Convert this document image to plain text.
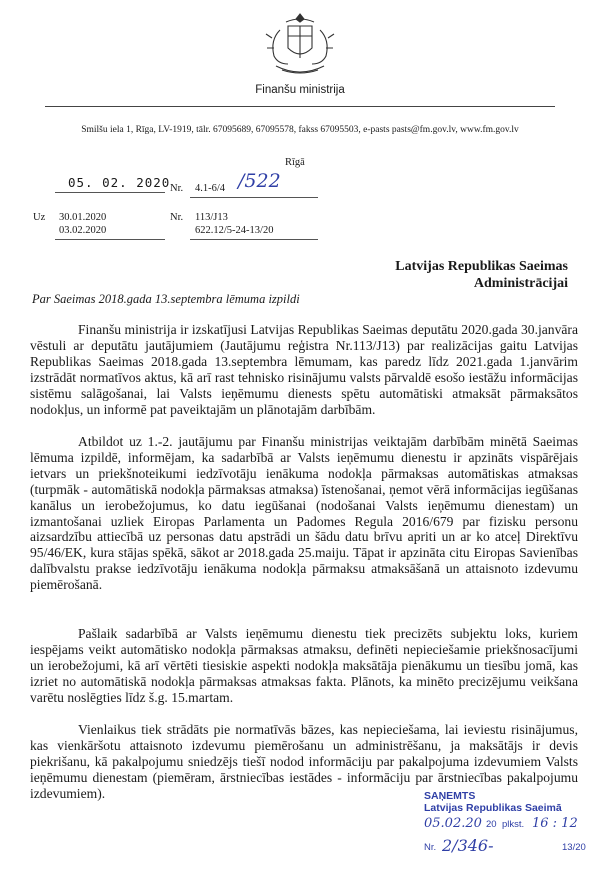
Finanšu ministrija
Smilšu iela 1, Rīga, LV-1919, tālr. 67095689, 67095578, fakss 67095503, e-pasts pasts@fm.gov.lv, www.fm.gov.lv
Rīgā
05. 02. 2020 Nr. 4.1-6/4 /522
Uz 30.01.2020
03.02.2020
Nr. 113/J13
622.12/5-24-13/20
Latvijas Republikas Saeimas
Administrācijai
Par Saeimas 2018.gada 13.septembra lēmuma izpildi
Finanšu ministrija ir izskatījusi Latvijas Republikas Saeimas deputātu 2020.gada 30.janvāra vēstuli ar deputātu jautājumiem (Jautājumu reģistra Nr.113/J13) par realizācijas gaitu Latvijas Republikas Saeimas 2018.gada 13.septembra lēmumam, kas paredz līdz 2021.gada 1.janvārim izstrādāt normatīvos aktus, kā arī rast tehnisko risinājumu valsts pārvaldē esošo iestāžu informācijas sistēmu salāgošanai, lai Valsts ieņēmumu dienests spētu automātiski atmaksāt pārmaksātos nodokļus, un informē pat paveiktajām un plānotajām darbībām.
Atbildot uz 1.-2. jautājumu par Finanšu ministrijas veiktajām darbībām minētā Saeimas lēmuma izpildē, informējam, ka sadarbībā ar Valsts ieņēmumu dienestu ir apzināts vispārējais ietvars un priekšnoteikumi iedzīvotāju ienākuma nodokļa pārmaksas automātiskas atmaksas (turpmāk - automātiskā nodokļa pārmaksas atmaksa) īstenošanai, ņemot vērā informācijas iegūšanas kanālus un ierobežojumus, ko datu iegūšanai (nodošanai Valsts ieņēmumu dienestam) un izmantošanai uzliek Eiropas Parlamenta un Padomes Regula 2016/679 par fizisku personu aizsardzību attiecībā uz personas datu apstrādi un šādu datu brīvu apriti un ar ko atceļ Direktīvu 95/46/EK, kura stājas spēkā, sākot ar 2018.gada 25.maiju. Tāpat ir apzināta citu Eiropas Savienības dalībvalstu prakse iedzīvotāju ienākuma nodokļa pārmaksu atmaksāšanā un attaisnoto izdevumu piemērošanā.
Pašlaik sadarbībā ar Valsts ieņēmumu dienestu tiek precizēts subjektu loks, kuriem iespējams veikt automātisko nodokļa pārmaksas atmaksu, definēti nepieciešamie priekšnosacījumi un ierobežojumi, kā arī vērtēti tiesiskie aspekti nodokļa maksātāja pienākumu un tiesību jomā, kas izriet no automātiskā nodokļa pārmaksas atmaksas fakta. Plānots, ka minēto precizējumu veikšana varētu noslēgties līdz š.g. 15.martam.
Vienlaikus tiek strādāts pie normatīvās bāzes, kas nepieciešama, lai ieviestu risinājumus, kas vienkāršotu attaisnoto izdevumu piemērošanu un administrēšanu, ja maksātājs ir devis piekrišanu, kā pakalpojumu sniedzējs tiešī nodod informāciju par pakalpojuma izdevumiem Valsts ieņēmumu dienestam (piemēram, ārstniecības iestādes - informāciju par ārstniecības pakalpojumu izdevumiem).	SAŅEMTS
Latvijas Republikas Saeimā
05.02.20 20 plkst. 16 : 12
Nr. 2/346-	13/20
